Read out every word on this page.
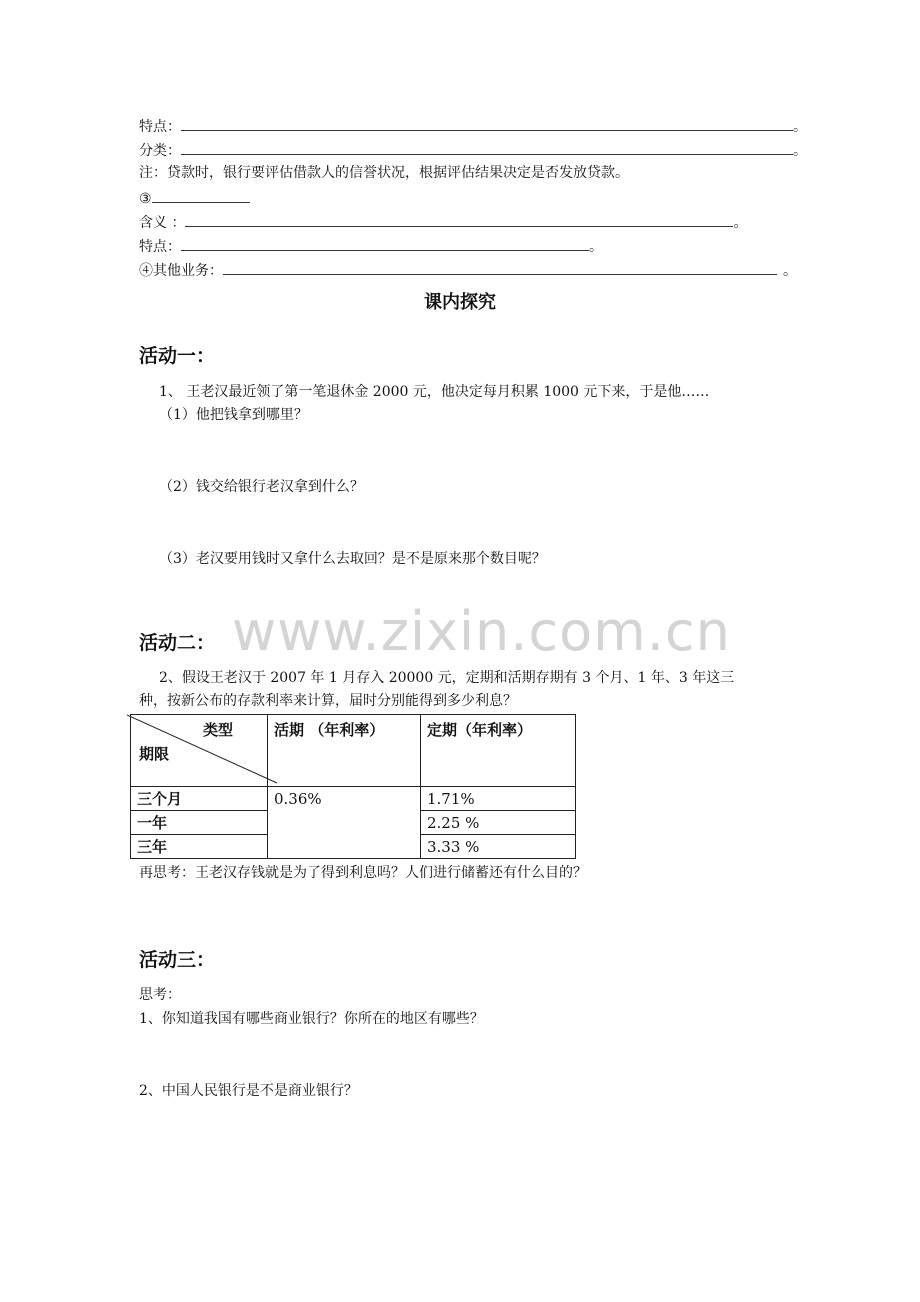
特点：	。
分类：	。
注：贷款时，银行要评估借款人的信誉状况，根据评估结果决定是否发放贷款。
③
含义 ：	。
特点：	。
④其他业务：	。
课内探究
活动一：
1、 王老汉最近领了第一笔退休金 2000 元，他决定每月积累 1000 元下来，于是他……
（1）他把钱拿到哪里？
（2）钱交给银行老汉拿到什么？
（3）老汉要用钱时又拿什么去取回？是不是原来那个数目呢？
www.zixin.com.cn
活动二：
2、假设王老汉于 2007 年 1 月存入 20000 元，定期和活期存期有 3 个月、1 年、3 年这三
种，按新公布的存款利率来计算，届时分别能得到多少利息？
类型
期限	活期 （年利率）	定期（年利率）
三个月	0.36%	1.71%
一年		2.25 %
三年		3.33 %
再思考：王老汉存钱就是为了得到利息吗？人们进行储蓄还有什么目的？
活动三：
思考：
1、你知道我国有哪些商业银行？你所在的地区有哪些？
2、中国人民银行是不是商业银行？
